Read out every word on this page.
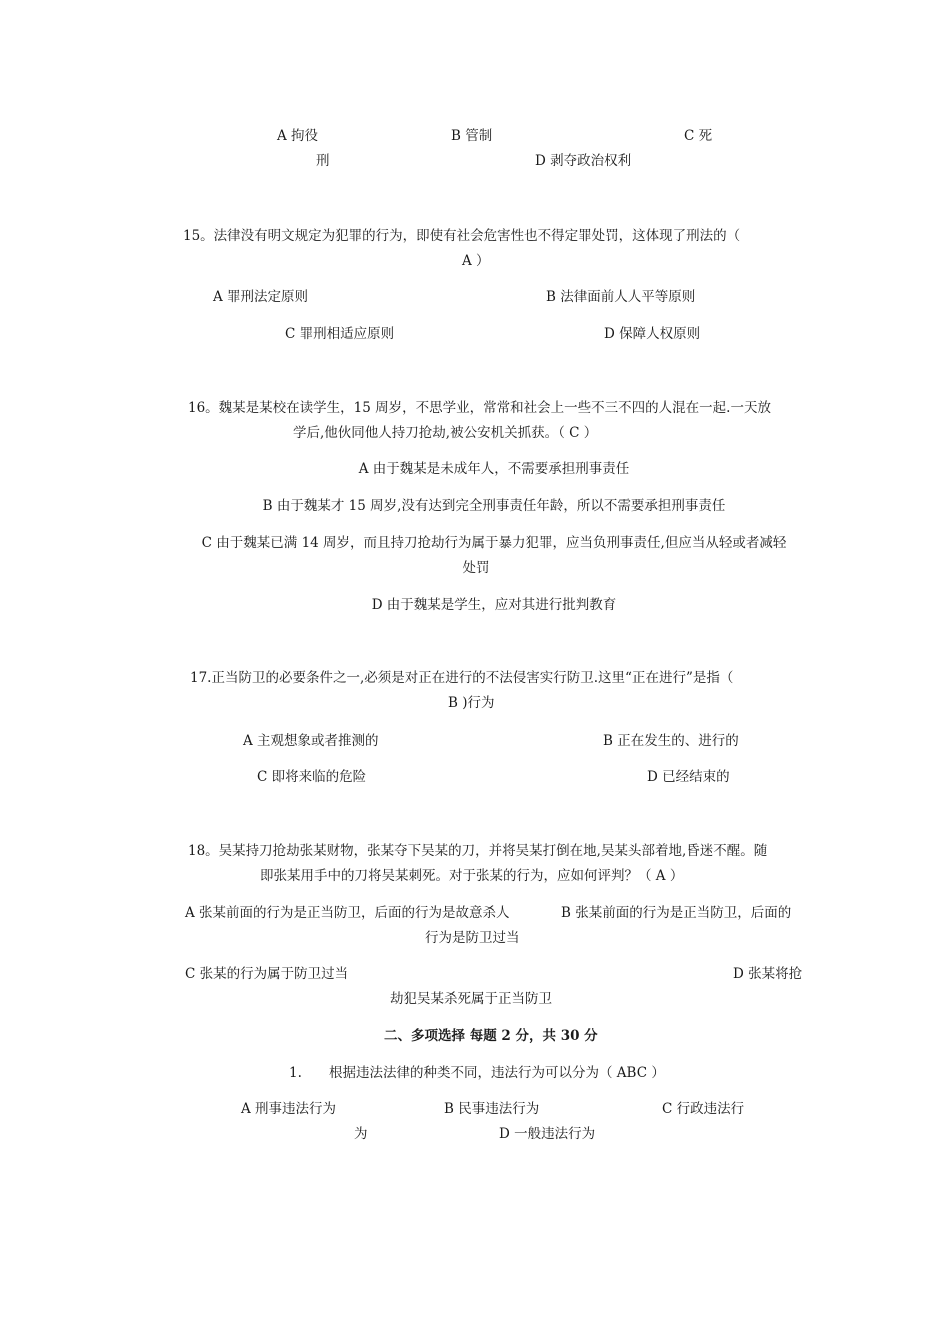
A 拘役	B 管制	C 死
刑	D 剥夺政治权利
15。法律没有明文规定为犯罪的行为，即使有社会危害性也不得定罪处罚，这体现了刑法的（
A ）
A 罪刑法定原则	B 法律面前人人平等原则
C 罪刑相适应原则	D 保障人权原则
16。魏某是某校在读学生，15 周岁，不思学业，常常和社会上一些不三不四的人混在一起.一天放
学后,他伙同他人持刀抢劫,被公安机关抓获。（ C ）
A 由于魏某是未成年人，不需要承担刑事责任
B 由于魏某才 15 周岁,没有达到完全刑事责任年龄，所以不需要承担刑事责任
C 由于魏某已满 14 周岁，而且持刀抢劫行为属于暴力犯罪，应当负刑事责任,但应当从轻或者减轻
处罚
D 由于魏某是学生，应对其进行批判教育
17.正当防卫的必要条件之一,必须是对正在进行的不法侵害实行防卫.这里“正在进行”是指（
B )行为
A 主观想象或者推测的	B 正在发生的、进行的
C 即将来临的危险	D 已经结束的
18。吴某持刀抢劫张某财物，张某夺下吴某的刀，并将吴某打倒在地,吴某头部着地,昏迷不醒。随
即张某用手中的刀将吴某刺死。对于张某的行为，应如何评判？（ A ）
A 张某前面的行为是正当防卫，后面的行为是故意杀人	B 张某前面的行为是正当防卫，后面的
行为是防卫过当
C 张某的行为属于防卫过当	D 张某将抢
劫犯吴某杀死属于正当防卫
二、多项选择 每题 2 分，共 30 分
1. 根据违法法律的种类不同，违法行为可以分为（ ABC ）
A 刑事违法行为	B 民事违法行为	C 行政违法行
为	D 一般违法行为
